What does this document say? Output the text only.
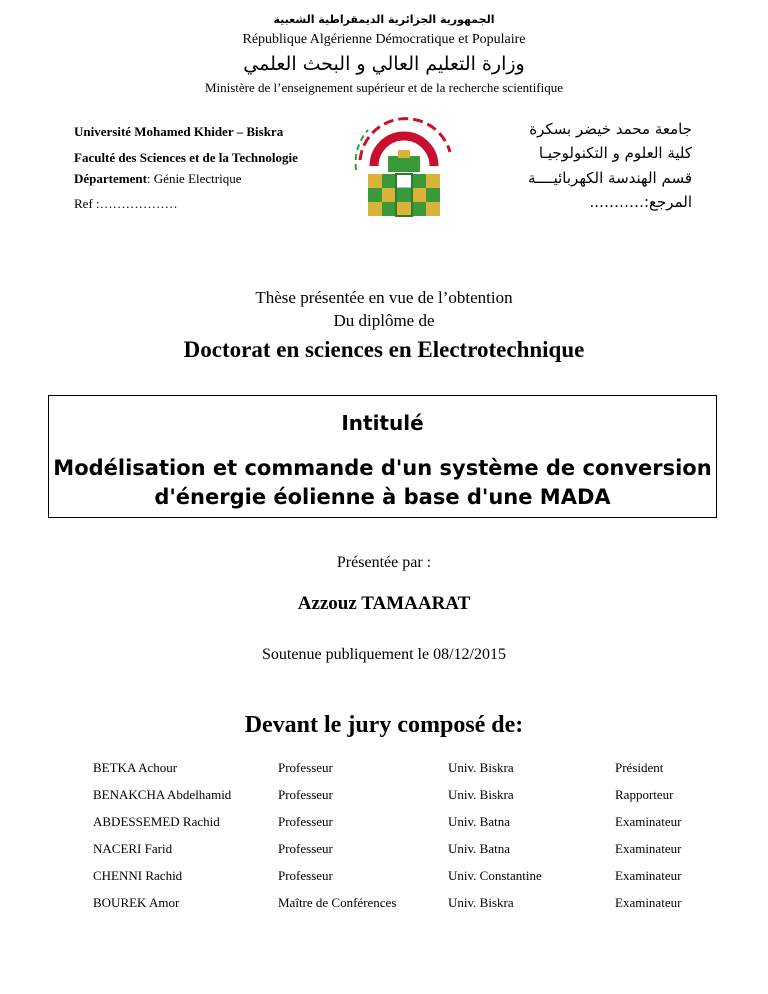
الجمهورية الجزائرية الديمقراطية الشعبية
République Algérienne Démocratique et Populaire
وزارة التعليم العالي و البحث العلمي
Ministère de l’enseignement supérieur et de la recherche scientifique
Université Mohamed Khider – Biskra
Faculté des Sciences et de la Technologie
Département: Génie Electrique
Ref :………………
جامعة محمد خيضر بسكرة
كلية العلوم و التكنولوجيـا
قسم الهندسة الكهربائيــــة
المرجع:………..
Thèse présentée en vue de l’obtention
Du diplôme de
Doctorat en sciences en Electrotechnique
Intitulé
Modélisation et commande d'un système de conversion
d'énergie éolienne à base d'une MADA
Présentée par :
Azzouz TAMAARAT
Soutenue publiquement le 08/12/2015
Devant le jury composé de:
BETKA Achour	Professeur	Univ. Biskra	Président
BENAKCHA Abdelhamid	Professeur	Univ. Biskra	Rapporteur
ABDESSEMED Rachid	Professeur	Univ. Batna	Examinateur
NACERI Farid	Professeur	Univ. Batna	Examinateur
CHENNI Rachid	Professeur	Univ. Constantine	Examinateur
BOUREK Amor	Maître de Conférences	Univ. Biskra	Examinateur
